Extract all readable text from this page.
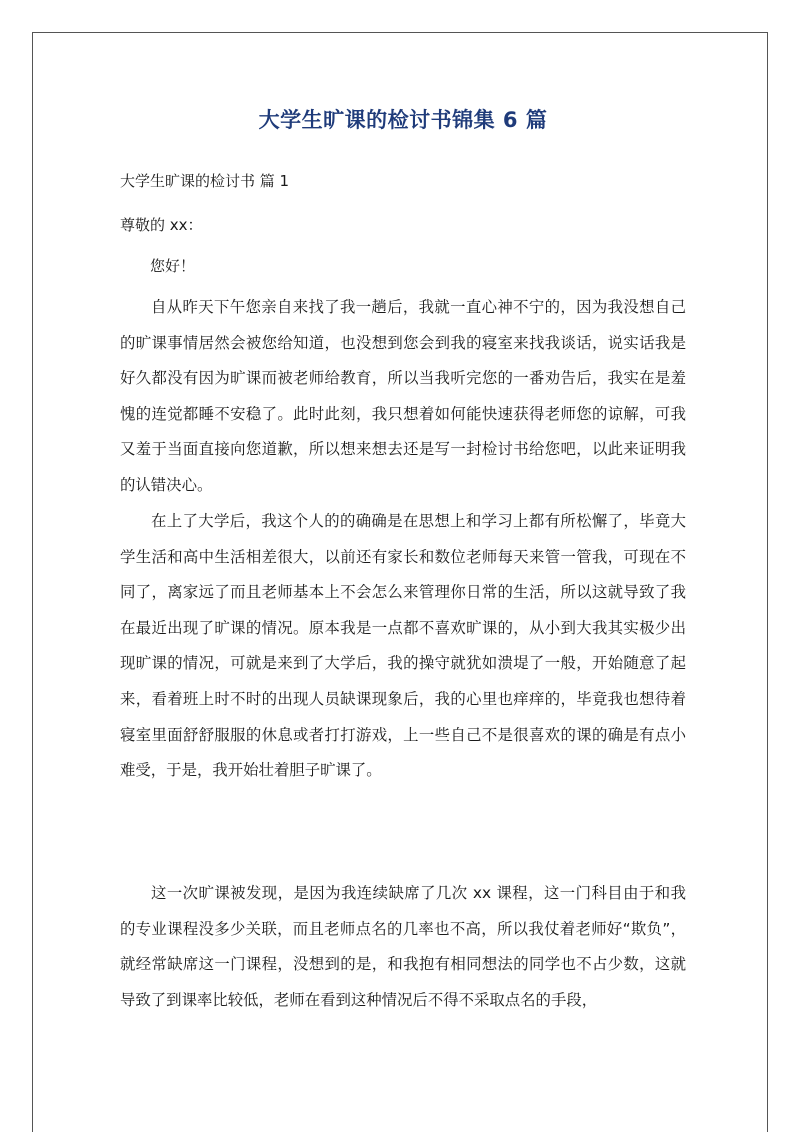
大学生旷课的检讨书锦集 6 篇
大学生旷课的检讨书 篇 1
尊敬的 xx：
您好！

自从昨天下午您亲自来找了我一趟后，我就一直心神不宁的，因为我没想自己的旷课事情居然会被您给知道，也没想到您会到我的寝室来找我谈话，说实话我是好久都没有因为旷课而被老师给教育，所以当我听完您的一番劝告后，我实在是羞愧的连觉都睡不安稳了。此时此刻，我只想着如何能快速获得老师您的谅解，可我又羞于当面直接向您道歉，所以想来想去还是写一封检讨书给您吧，以此来证明我的认错决心。

在上了大学后，我这个人的的确确是在思想上和学习上都有所松懈了，毕竟大学生活和高中生活相差很大，以前还有家长和数位老师每天来管一管我，可现在不同了，离家远了而且老师基本上不会怎么来管理你日常的生活，所以这就导致了我在最近出现了旷课的情况。原本我是一点都不喜欢旷课的，从小到大我其实极少出现旷课的情况，可就是来到了大学后，我的操守就犹如溃堤了一般，开始随意了起来，看着班上时不时的出现人员缺课现象后，我的心里也痒痒的，毕竟我也想待着寝室里面舒舒服服的休息或者打打游戏，上一些自己不是很喜欢的课的确是有点小难受，于是，我开始壮着胆子旷课了。

这一次旷课被发现，是因为我连续缺席了几次 xx 课程，这一门科目由于和我的专业课程没多少关联，而且老师点名的几率也不高，所以我仗着老师好“欺负”，就经常缺席这一门课程，没想到的是，和我抱有相同想法的同学也不占少数，这就导致了到课率比较低，老师在看到这种情况后不得不采取点名的手段，
